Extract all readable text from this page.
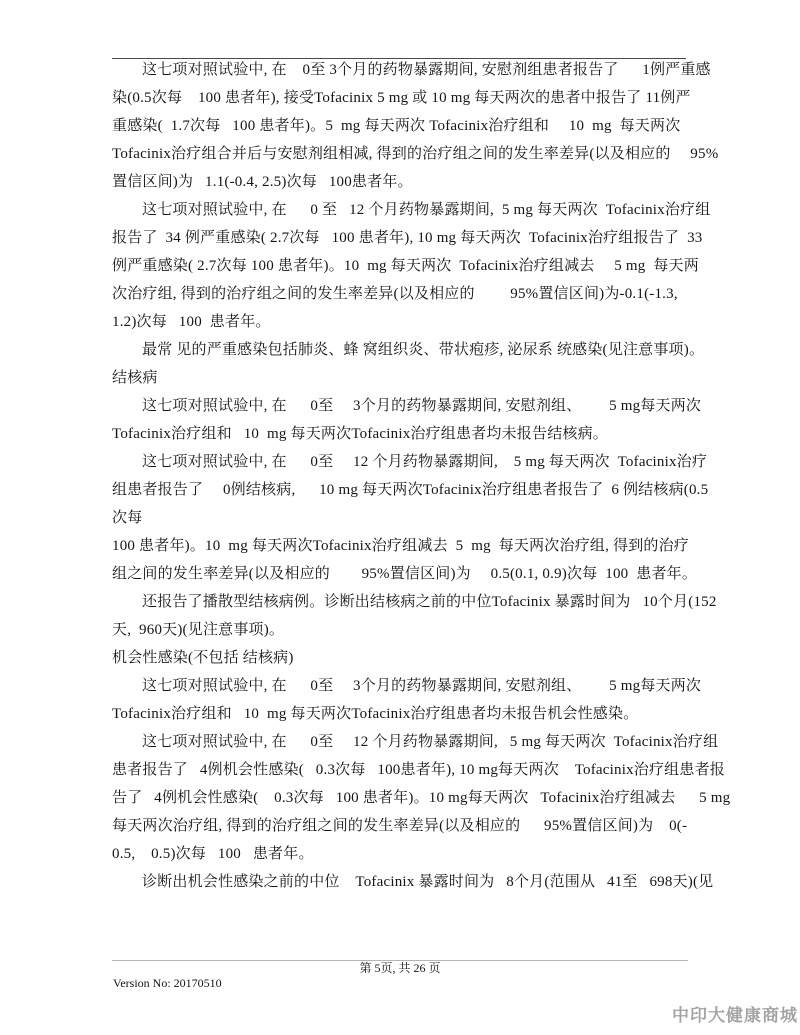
这七项对照试验中, 在    0至 3个月的药物暴露期间, 安慰剂组患者报告了      1例严重感
染(0.5次每    100 患者年), 接受Tofacinix 5 mg 或 10 mg 每天两次的患者中报告了 11例严
重感染(  1.7次每   100 患者年)。5  mg 每天两次 Tofacinix治疗组和     10  mg  每天两次
Tofacinix治疗组合并后与安慰剂组相减, 得到的治疗组之间的发生率差异(以及相应的     95%
置信区间)为   1.1(-0.4, 2.5)次每   100患者年。
这七项对照试验中, 在      0 至   12 个月药物暴露期间,  5 mg 每天两次  Tofacinix治疗组
报告了  34 例严重感染( 2.7次每   100 患者年), 10 mg 每天两次  Tofacinix治疗组报告了  33
例严重感染( 2.7次每 100 患者年)。10  mg 每天两次  Tofacinix治疗组减去     5 mg  每天两
次治疗组, 得到的治疗组之间的发生率差异(以及相应的         95%置信区间)为-0.1(-1.3,
1.2)次每   100  患者年。
最常 见的严重感染包括肺炎、蜂 窝组织炎、带状疱疹, 泌尿系 统感染(见注意事项)。
结核病
这七项对照试验中, 在      0至     3个月的药物暴露期间, 安慰剂组、       5 mg每天两次
Tofacinix治疗组和   10  mg 每天两次Tofacinix治疗组患者均未报告结核病。
这七项对照试验中, 在      0至     12 个月药物暴露期间,    5 mg 每天两次  Tofacinix治疗
组患者报告了     0例结核病,      10 mg 每天两次Tofacinix治疗组患者报告了  6 例结核病(0.5
次每
100 患者年)。10  mg 每天两次Tofacinix治疗组减去  5  mg  每天两次治疗组, 得到的治疗
组之间的发生率差异(以及相应的        95%置信区间)为     0.5(0.1, 0.9)次每  100  患者年。
还报告了播散型结核病例。诊断出结核病之前的中位Tofacinix 暴露时间为   10个月(152
天,  960天)(见注意事项)。
机会性感染(不包括 结核病)
这七项对照试验中, 在      0至     3个月的药物暴露期间, 安慰剂组、       5 mg每天两次
Tofacinix治疗组和   10  mg 每天两次Tofacinix治疗组患者均未报告机会性感染。
这七项对照试验中, 在      0至     12 个月药物暴露期间,   5 mg 每天两次  Tofacinix治疗组
患者报告了   4例机会性感染(   0.3次每   100患者年), 10 mg每天两次    Tofacinix治疗组患者报
告了   4例机会性感染(    0.3次每   100 患者年)。10 mg每天两次   Tofacinix治疗组减去      5 mg
每天两次治疗组, 得到的治疗组之间的发生率差异(以及相应的      95%置信区间)为    0(-
0.5,    0.5)次每   100   患者年。
诊断出机会性感染之前的中位    Tofacinix 暴露时间为   8个月(范围从   41至   698天)(见
第 5页, 共 26 页
Version No: 20170510
中印大健康商城
